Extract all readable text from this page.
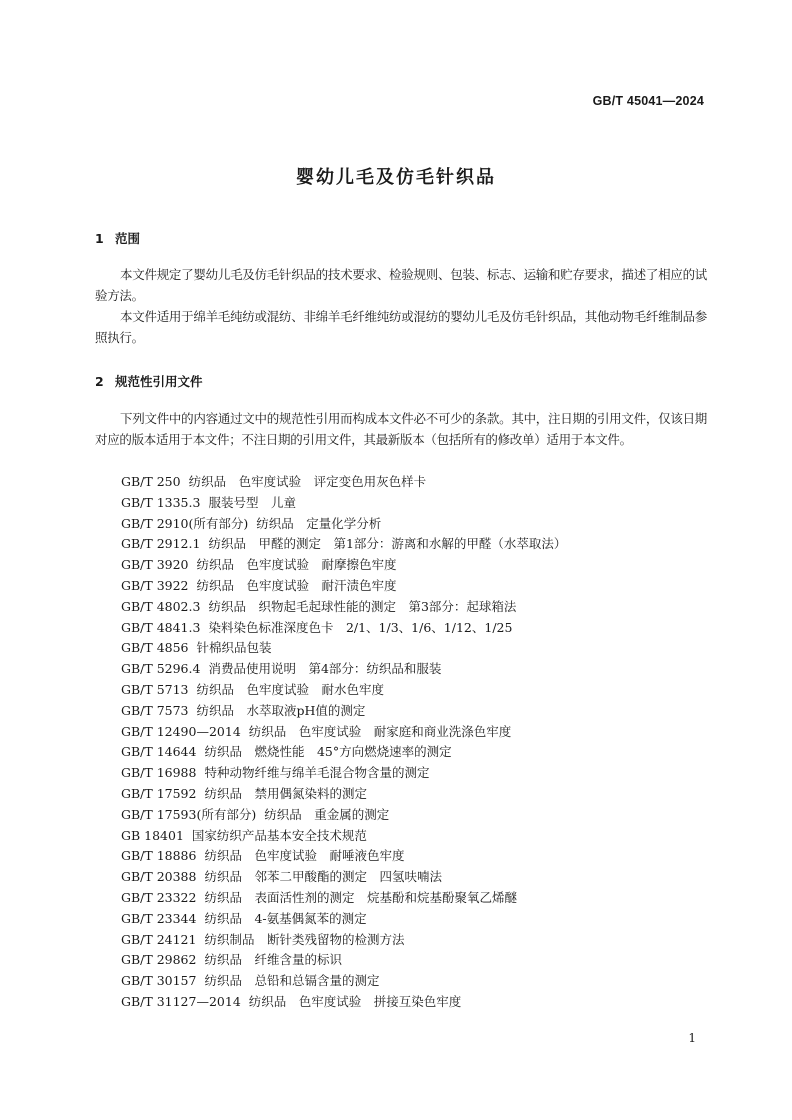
GB/T 45041—2024
婴幼儿毛及仿毛针织品
1 范围
本文件规定了婴幼儿毛及仿毛针织品的技术要求、检验规则、包装、标志、运输和贮存要求，描述了相应的试验方法。
本文件适用于绵羊毛纯纺或混纺、非绵羊毛纤维纯纺或混纺的婴幼儿毛及仿毛针织品，其他动物毛纤维制品参照执行。
2 规范性引用文件
下列文件中的内容通过文中的规范性引用而构成本文件必不可少的条款。其中，注日期的引用文件，仅该日期对应的版本适用于本文件；不注日期的引用文件，其最新版本（包括所有的修改单）适用于本文件。
GB/T 250 纺织品　色牢度试验　评定变色用灰色样卡
GB/T 1335.3 服装号型　儿童
GB/T 2910(所有部分) 纺织品　定量化学分析
GB/T 2912.1 纺织品　甲醛的测定　第1部分：游离和水解的甲醛（水萃取法）
GB/T 3920 纺织品　色牢度试验　耐摩擦色牢度
GB/T 3922 纺织品　色牢度试验　耐汗渍色牢度
GB/T 4802.3 纺织品　织物起毛起球性能的测定　第3部分：起球箱法
GB/T 4841.3 染料染色标准深度色卡　2/1、1/3、1/6、1/12、1/25
GB/T 4856 针棉织品包装
GB/T 5296.4 消费品使用说明　第4部分：纺织品和服装
GB/T 5713 纺织品　色牢度试验　耐水色牢度
GB/T 7573 纺织品　水萃取液pH值的测定
GB/T 12490—2014 纺织品　色牢度试验　耐家庭和商业洗涤色牢度
GB/T 14644 纺织品　燃烧性能　45°方向燃烧速率的测定
GB/T 16988 特种动物纤维与绵羊毛混合物含量的测定
GB/T 17592 纺织品　禁用偶氮染料的测定
GB/T 17593(所有部分) 纺织品　重金属的测定
GB 18401 国家纺织产品基本安全技术规范
GB/T 18886 纺织品　色牢度试验　耐唾液色牢度
GB/T 20388 纺织品　邻苯二甲酸酯的测定　四氢呋喃法
GB/T 23322 纺织品　表面活性剂的测定　烷基酚和烷基酚聚氧乙烯醚
GB/T 23344 纺织品　4-氨基偶氮苯的测定
GB/T 24121 纺织制品　断针类残留物的检测方法
GB/T 29862 纺织品　纤维含量的标识
GB/T 30157 纺织品　总铅和总镉含量的测定
GB/T 31127—2014 纺织品　色牢度试验　拼接互染色牢度
1
